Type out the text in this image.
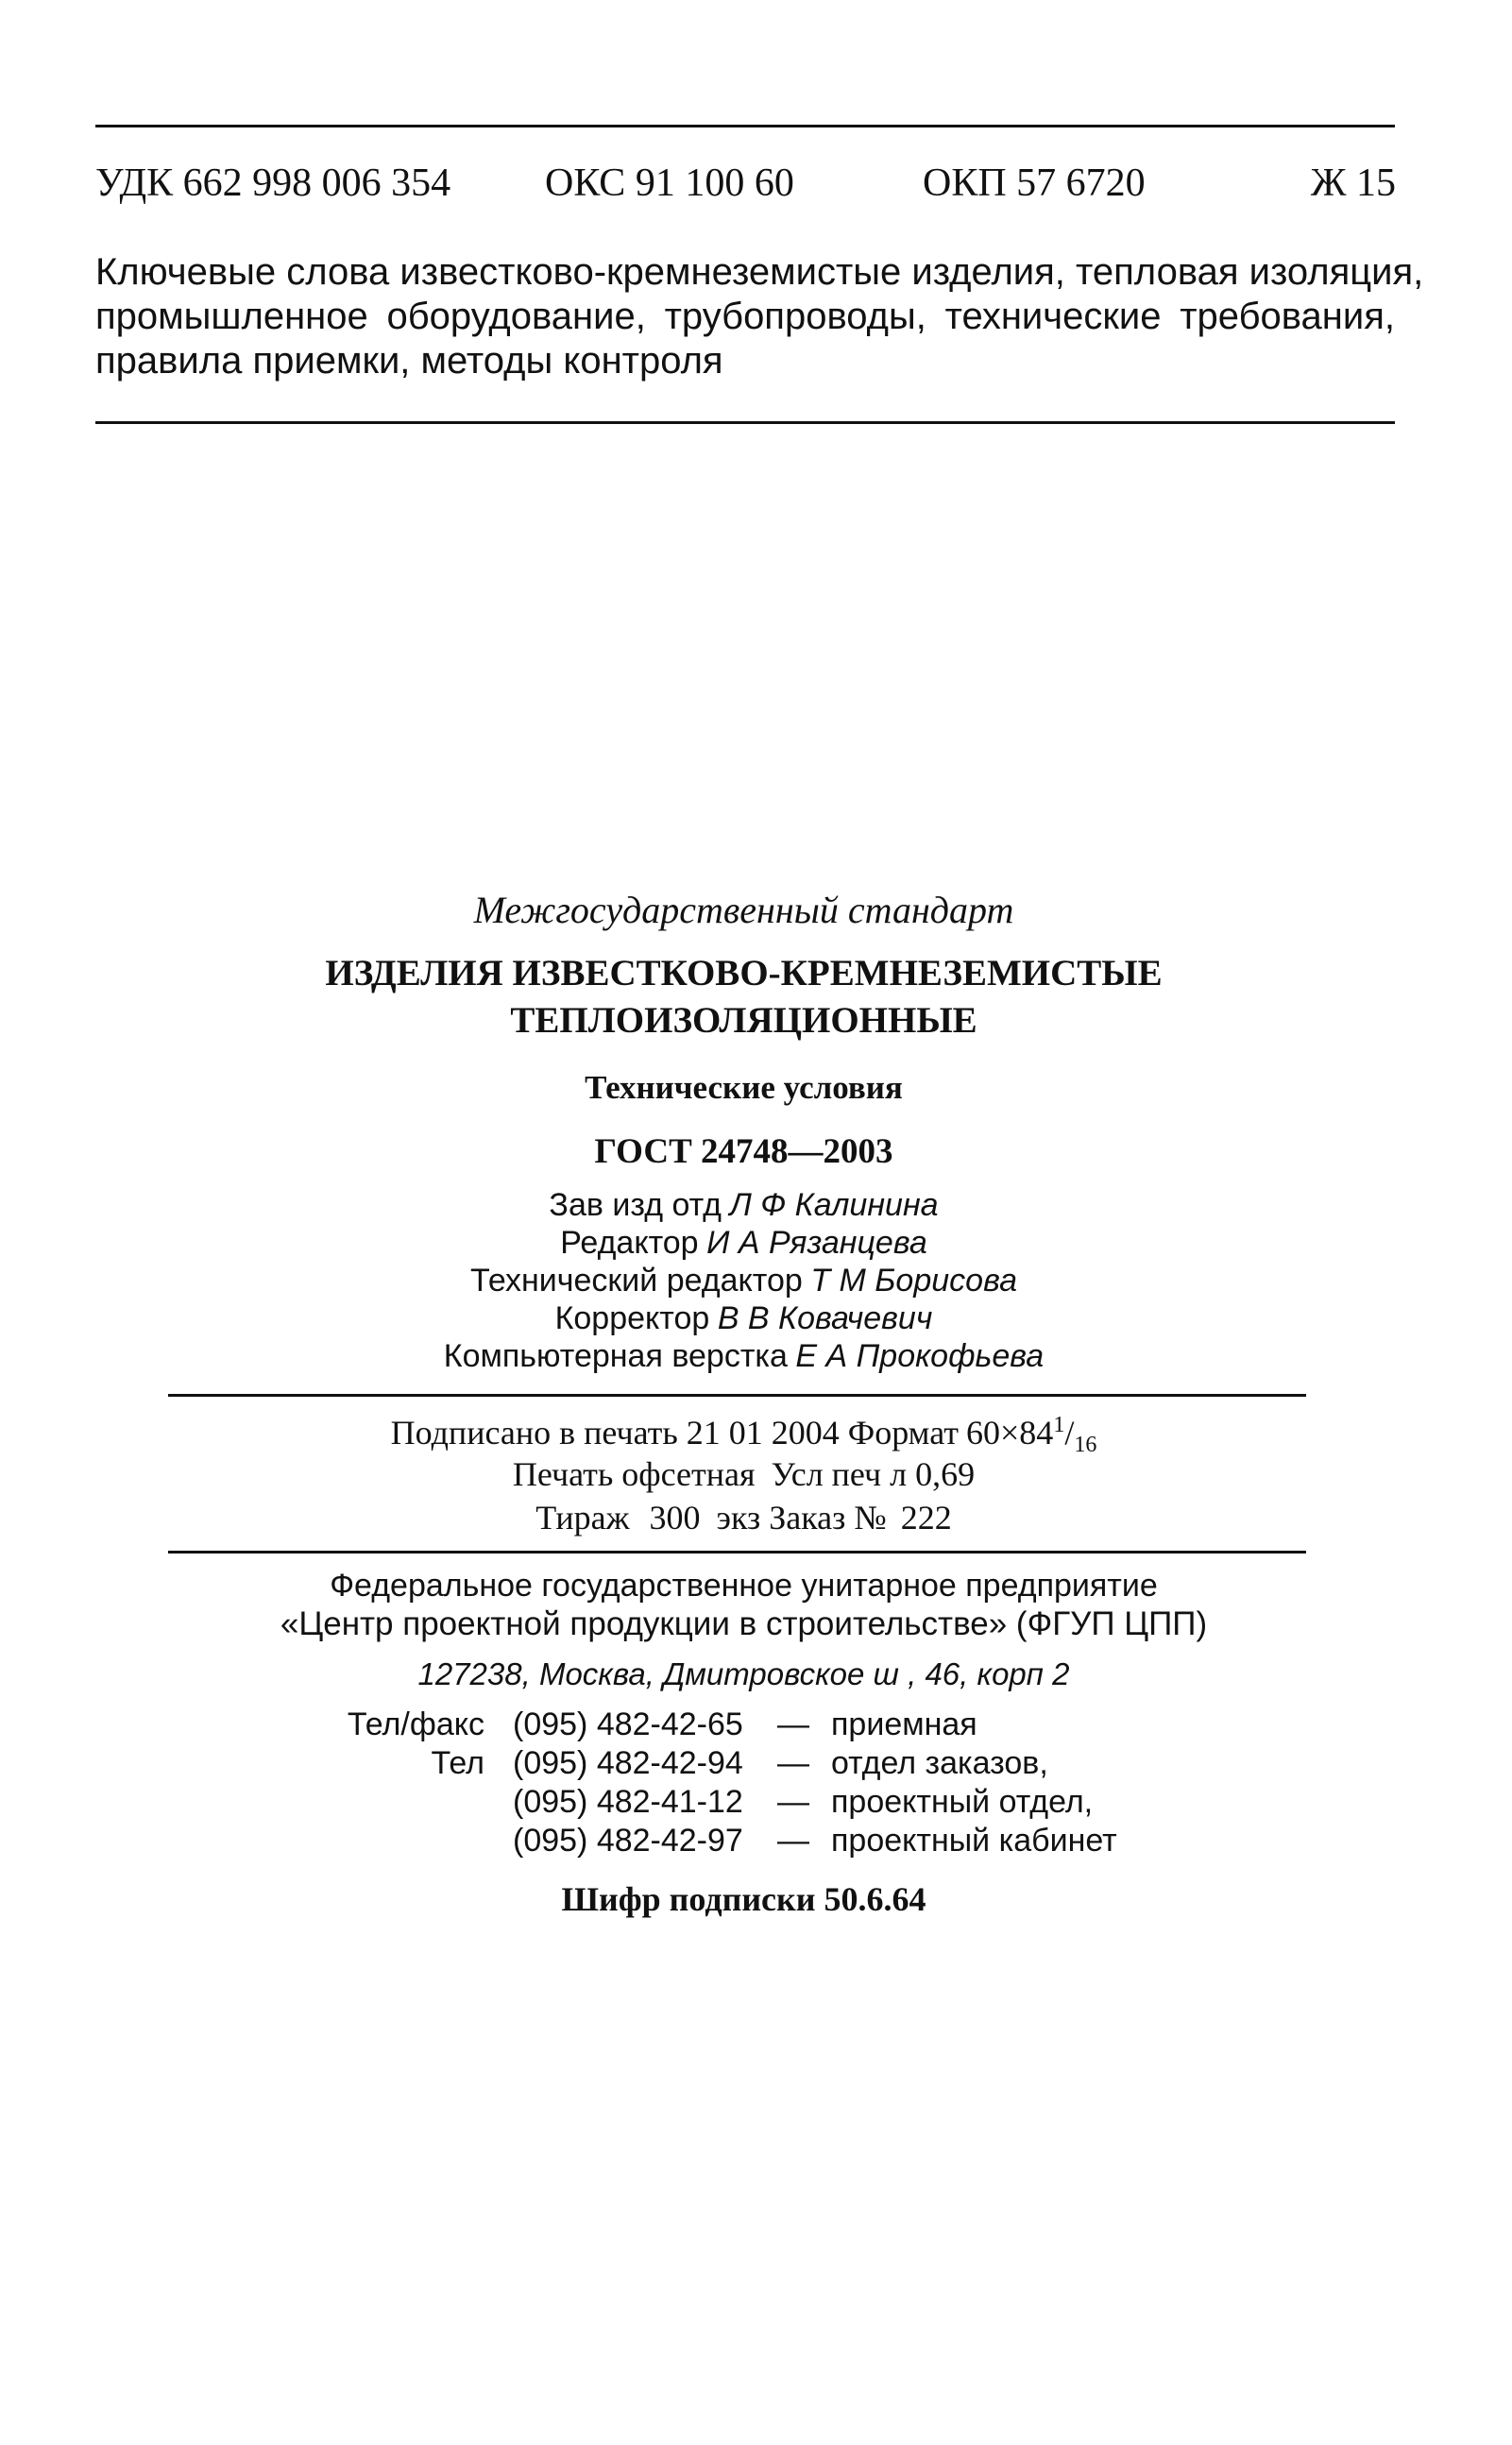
УДК 662 998 006 354 ОКС 91 100 60	ОКП 57 6720	Ж 15
Ключевые слова известково-кремнеземистые изделия, тепловая изоляция,
промышленное оборудование, трубопроводы, технические требования,
правила приемки, методы контроля
Межгосударственный стандарт
ИЗДЕЛИЯ ИЗВЕСТКОВО-КРЕМНЕЗЕМИСТЫЕ
ТЕПЛОИЗОЛЯЦИОННЫЕ
Технические условия
ГОСТ 24748—2003
Зав изд отд Л Ф Калинина
Редактор И А Рязанцева
Технический редактор Т М Борисова
Корректор В В Ковачевич
Компьютерная верстка Е А Прокофьева
Подписано в печать 21 01 2004 Формат $60\times 84^1/_{16}$
Печать офсетная Усл печ л 0,69
Тираж 300 экз Заказ № 222
Федеральное государственное унитарное предприятие
«Центр проектной продукции в строительстве» (ФГУП ЦПП)
127238, Москва, Дмитровское ш , 46, корп 2
Тел/факс (095) 482-42-65 — приемная
Тел (095) 482-42-94 — отдел заказов,
(095) 482-41-12 — проектный отдел,
(095) 482-42-97 — проектный кабинет
Шифр подписки 50.6.64
